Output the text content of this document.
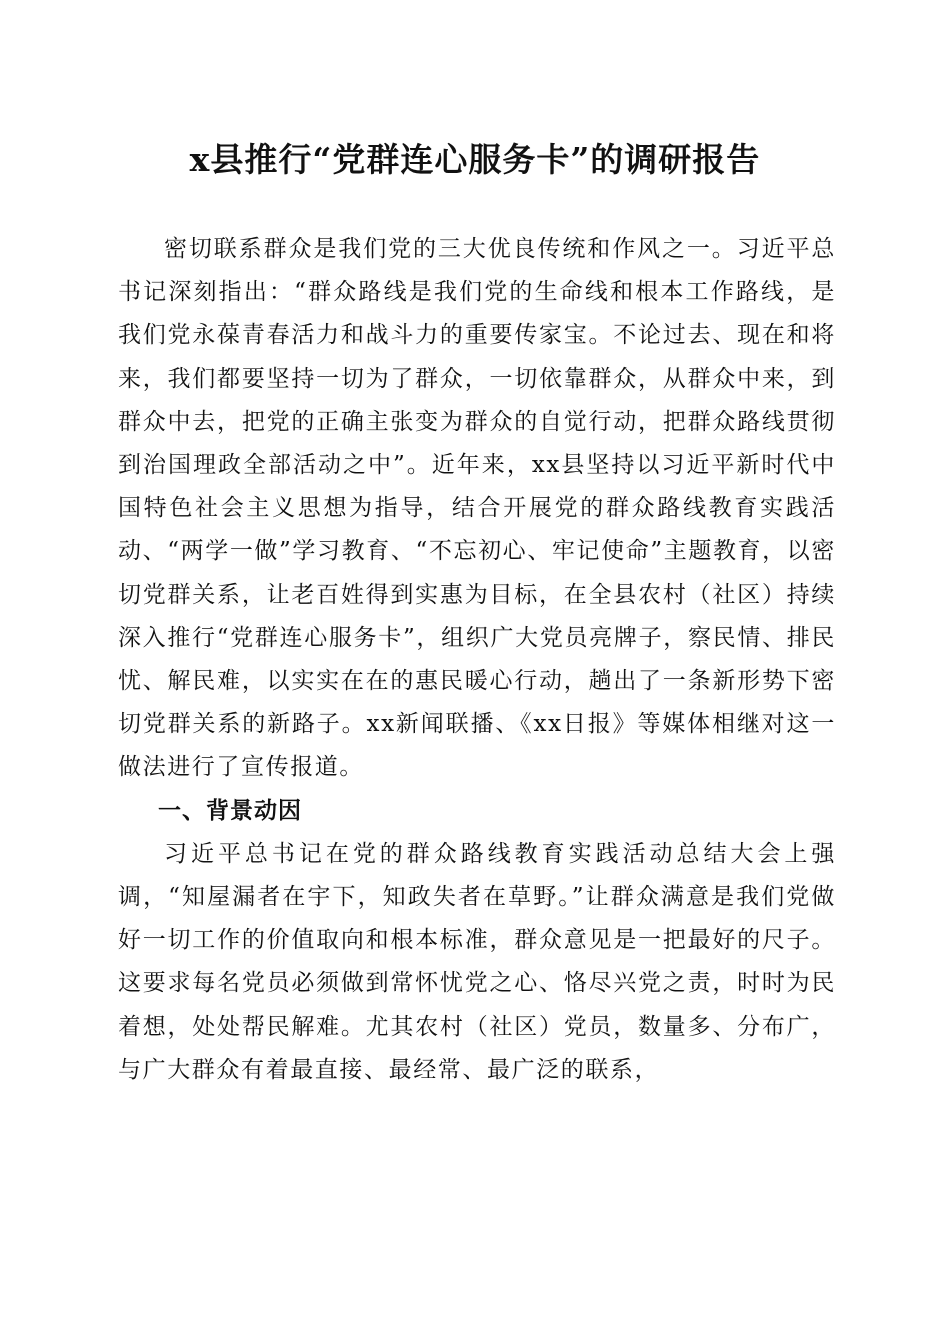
x县推行“党群连心服务卡”的调研报告

密切联系群众是我们党的三大优良传统和作风之一。习近平总书记深刻指出：“群众路线是我们党的生命线和根本工作路线，是我们党永葆青春活力和战斗力的重要传家宝。不论过去、现在和将来，我们都要坚持一切为了群众，一切依靠群众，从群众中来，到群众中去，把党的正确主张变为群众的自觉行动，把群众路线贯彻到治国理政全部活动之中”。近年来，xx县坚持以习近平新时代中国特色社会主义思想为指导，结合开展党的群众路线教育实践活动、“两学一做”学习教育、“不忘初心、牢记使命”主题教育，以密切党群关系，让老百姓得到实惠为目标，在全县农村（社区）持续深入推行“党群连心服务卡”，组织广大党员亮牌子，察民情、排民忧、解民难，以实实在在的惠民暖心行动，趟出了一条新形势下密切党群关系的新路子。xx新闻联播、《xx日报》等媒体相继对这一做法进行了宣传报道。

一、背景动因

习近平总书记在党的群众路线教育实践活动总结大会上强调，“知屋漏者在宇下，知政失者在草野。”让群众满意是我们党做好一切工作的价值取向和根本标准，群众意见是一把最好的尺子。这要求每名党员必须做到常怀忧党之心、恪尽兴党之责，时时为民着想，处处帮民解难。尤其农村（社区）党员，数量多、分布广，与广大群众有着最直接、最经常、最广泛的联系，
